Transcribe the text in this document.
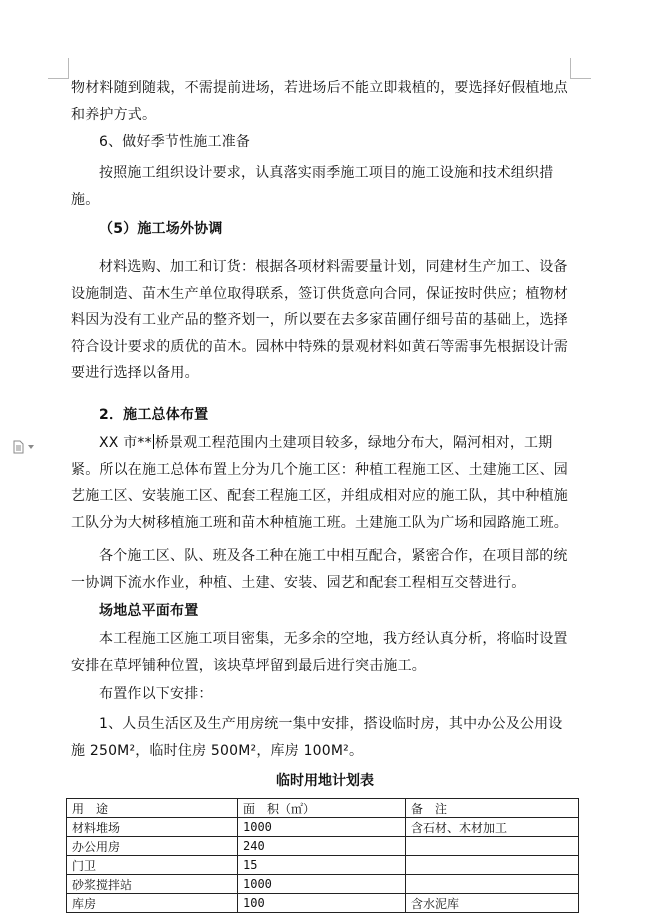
物材料随到随栽，不需提前进场，若进场后不能立即栽植的，要选择好假植地点和养护方式。

6、做好季节性施工准备

按照施工组织设计要求，认真落实雨季施工项目的施工设施和技术组织措施。

（5）施工场外协调

材料选购、加工和订货：根据各项材料需要量计划，同建材生产加工、设备设施制造、苗木生产单位取得联系，签订供货意向合同，保证按时供应；植物材料因为没有工业产品的整齐划一，所以要在去多家苗圃仔细号苗的基础上，选择符合设计要求的质优的苗木。园林中特殊的景观材料如黄石等需事先根据设计需要进行选择以备用。

2．施工总体布置

XX 市** 桥景观工程范围内土建项目较多，绿地分布大，隔河相对，工期紧。所以在施工总体布置上分为几个施工区：种植工程施工区、土建施工区、园艺施工区、安装施工区、配套工程施工区，并组成相对应的施工队，其中种植施工队分为大树移植施工班和苗木种植施工班。土建施工队为广场和园路施工班。

各个施工区、队、班及各工种在施工中相互配合，紧密合作，在项目部的统一协调下流水作业，种植、土建、安装、园艺和配套工程相互交替进行。

场地总平面布置

本工程施工区施工项目密集，无多余的空地，我方经认真分析，将临时设置安排在草坪铺种位置，该块草坪留到最后进行突击施工。

布置作以下安排：

1、人员生活区及生产用房统一集中安排，搭设临时房，其中办公及公用设施 250M²，临时住房 500M²，库房 100M²。

临时用地计划表
用　途	面　积（㎡）	备　注
材料堆场	1000	含石材、木材加工
办公用房	240	
门卫	15	
砂浆搅拌站	1000	
库房	100	含水泥库
